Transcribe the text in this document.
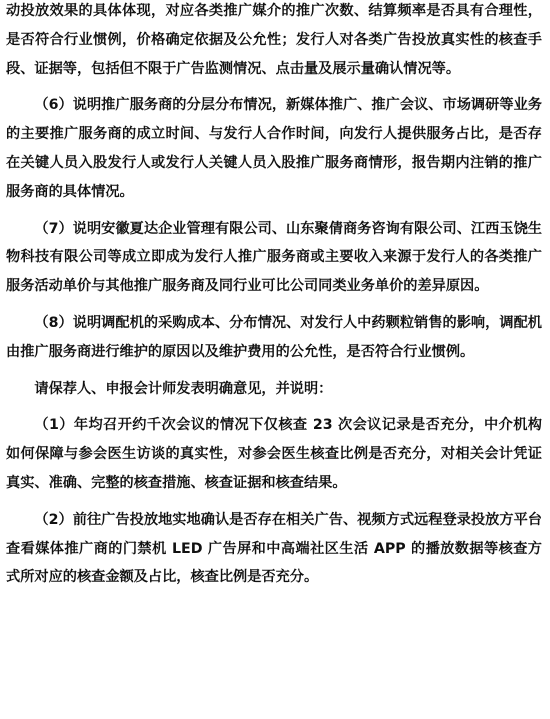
动投放效果的具体体现，对应各类推广媒介的推广次数、结算频率是否具有合理性，是否符合行业惯例，价格确定依据及公允性；发行人对各类广告投放真实性的核查手段、证据等，包括但不限于广告监测情况、点击量及展示量确认情况等。

（6）说明推广服务商的分层分布情况，新媒体推广、推广会议、市场调研等业务的主要推广服务商的成立时间、与发行人合作时间，向发行人提供服务占比，是否存在关键人员入股发行人或发行人关键人员入股推广服务商情形，报告期内注销的推广服务商的具体情况。

（7）说明安徽夏达企业管理有限公司、山东聚倩商务咨询有限公司、江西玉饶生物科技有限公司等成立即成为发行人推广服务商或主要收入来源于发行人的各类推广服务活动单价与其他推广服务商及同行业可比公司同类业务单价的差异原因。

（8）说明调配机的采购成本、分布情况、对发行人中药颗粒销售的影响，调配机由推广服务商进行维护的原因以及维护费用的公允性，是否符合行业惯例。

请保荐人、申报会计师发表明确意见，并说明：

（1）年均召开约千次会议的情况下仅核查 23 次会议记录是否充分，中介机构如何保障与参会医生访谈的真实性，对参会医生核查比例是否充分，对相关会计凭证真实、准确、完整的核查措施、核查证据和核查结果。

（2）前往广告投放地实地确认是否存在相关广告、视频方式远程登录投放方平台查看媒体推广商的门禁机 LED 广告屏和中高端社区生活 APP 的播放数据等核查方式所对应的核查金额及占比，核查比例是否充分。
